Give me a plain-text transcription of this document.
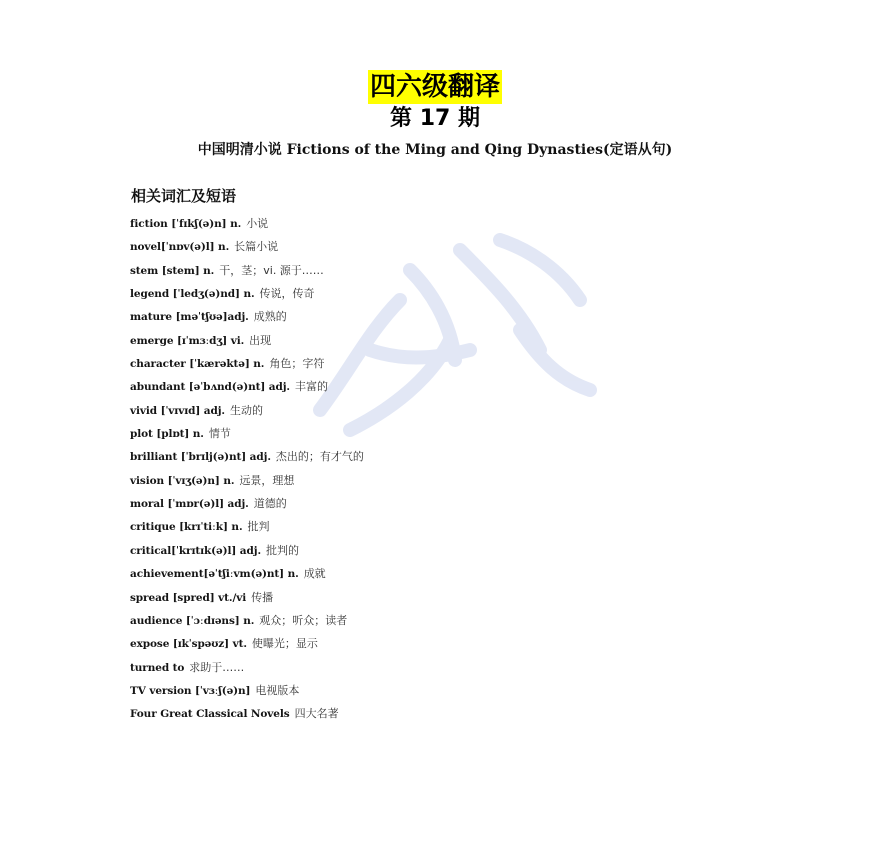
四六级翻译
第 17 期
中国明清小说 Fictions of the Ming and Qing Dynasties(定语从句)
相关词汇及短语
fiction [ˈfɪkʃ(ə)n] n. 小说
novel[ˈnɒv(ə)l] n. 长篇小说
stem [stem] n. 干，茎；vi. 源于……
legend [ˈledʒ(ə)nd] n. 传说，传奇
mature [məˈtʃʊə]adj. 成熟的
emerge [ɪˈmɜːdʒ] vi. 出现
character [ˈkærəktə] n. 角色；字符
abundant [əˈbʌnd(ə)nt] adj. 丰富的
vivid [ˈvɪvɪd] adj. 生动的
plot [plɒt] n. 情节
brilliant [ˈbrɪlj(ə)nt] adj. 杰出的；有才气的
vision [ˈvɪʒ(ə)n] n. 远景，理想
moral [ˈmɒr(ə)l] adj. 道德的
critique [krɪˈtiːk] n. 批判
critical[ˈkrɪtɪk(ə)l] adj. 批判的
achievement[əˈtʃiːvm(ə)nt] n. 成就
spread [spred] vt./vi 传播
audience [ˈɔːdɪəns] n. 观众；听众；读者
expose [ɪkˈspəʊz] vt. 使曝光；显示
turned to 求助于……
TV version [ˈvɜːʃ(ə)n] 电视版本
Four Great Classical Novels 四大名著
